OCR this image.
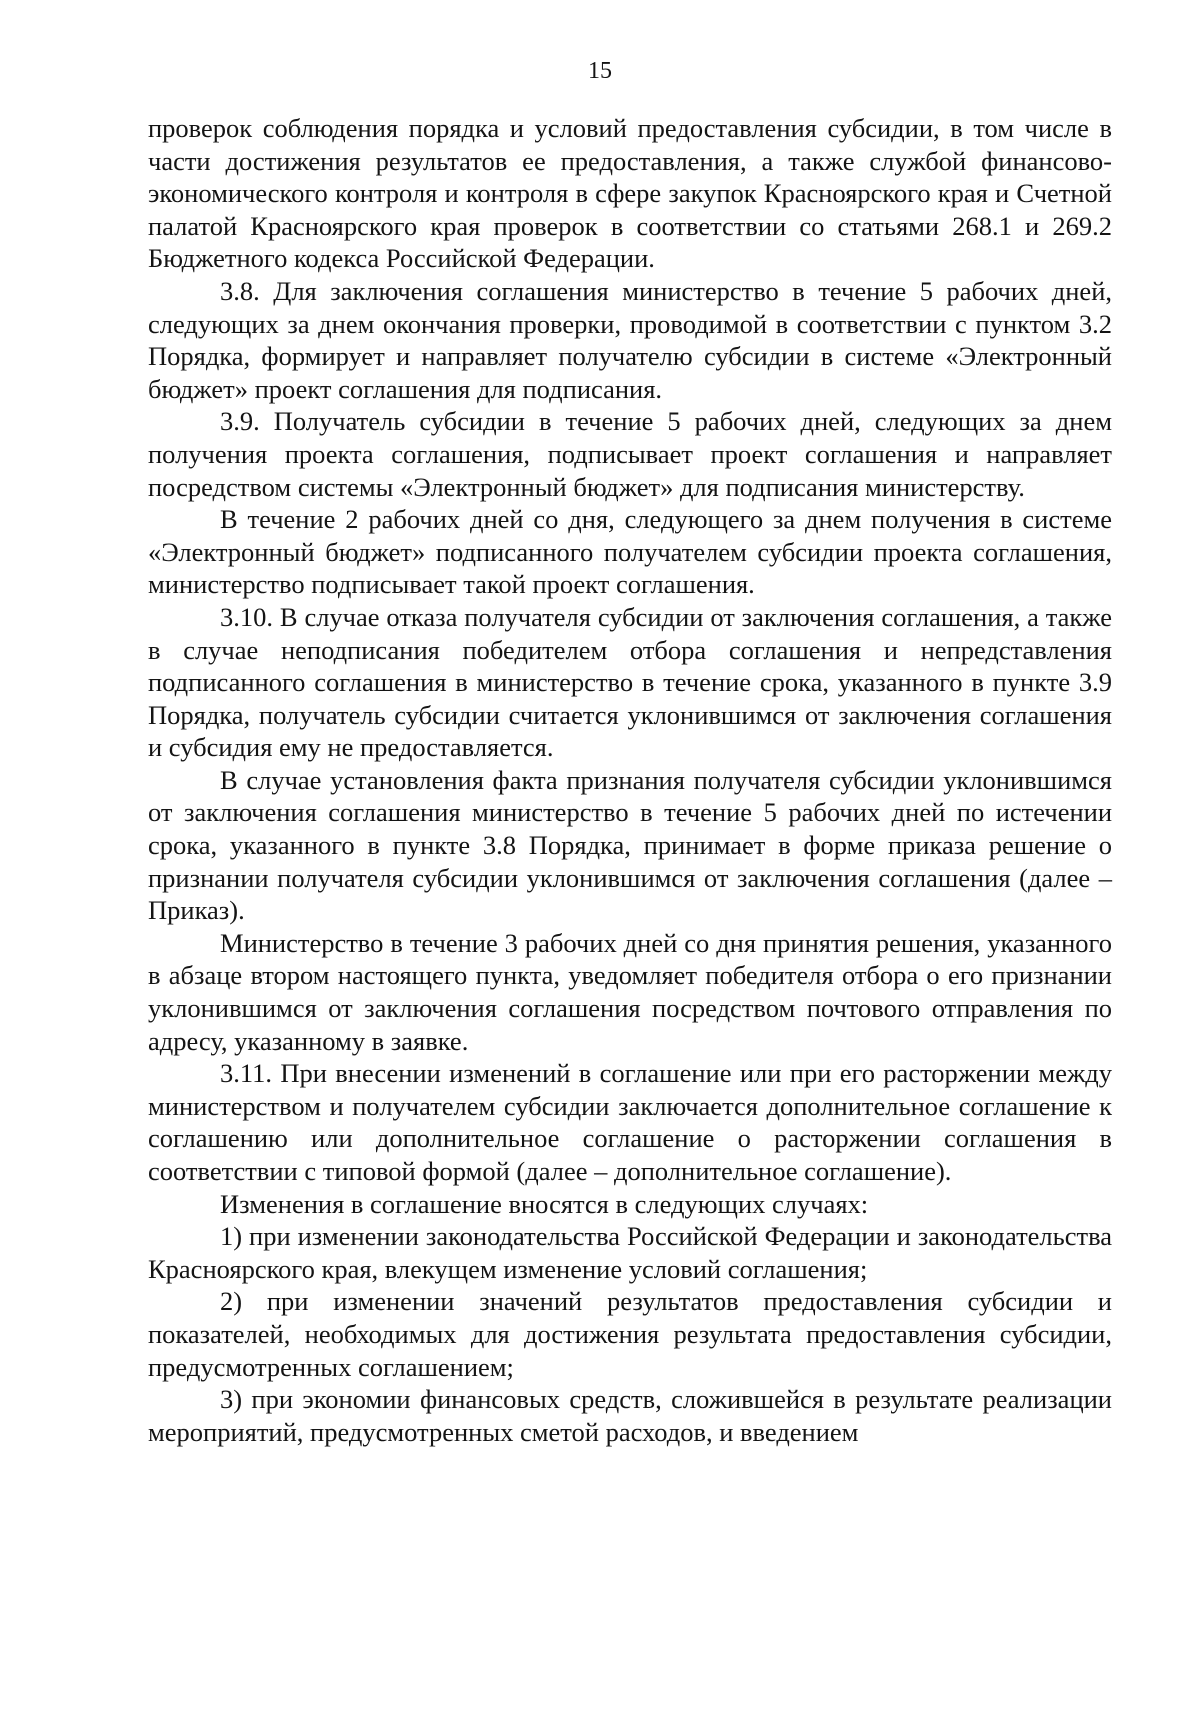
15

проверок соблюдения порядка и условий предоставления субсидии, в том числе в части достижения результатов ее предоставления, а также службой финансово-экономического контроля и контроля в сфере закупок Красноярского края и Счетной палатой Красноярского края проверок в соответствии со статьями 268.1 и 269.2 Бюджетного кодекса Российской Федерации.

3.8. Для заключения соглашения министерство в течение 5 рабочих дней, следующих за днем окончания проверки, проводимой в соответствии с пунктом 3.2 Порядка, формирует и направляет получателю субсидии в системе «Электронный бюджет» проект соглашения для подписания.

3.9. Получатель субсидии в течение 5 рабочих дней, следующих за днем получения проекта соглашения, подписывает проект соглашения и направляет посредством системы «Электронный бюджет» для подписания министерству.

В течение 2 рабочих дней со дня, следующего за днем получения в системе «Электронный бюджет» подписанного получателем субсидии проекта соглашения, министерство подписывает такой проект соглашения.

3.10. В случае отказа получателя субсидии от заключения соглашения, а также в случае неподписания победителем отбора соглашения и непредставления подписанного соглашения в министерство в течение срока, указанного в пункте 3.9 Порядка, получатель субсидии считается уклонившимся от заключения соглашения и субсидия ему не предоставляется.

В случае установления факта признания получателя субсидии уклонившимся от заключения соглашения министерство в течение 5 рабочих дней по истечении срока, указанного в пункте 3.8 Порядка, принимает в форме приказа решение о признании получателя субсидии уклонившимся от заключения соглашения (далее – Приказ).

Министерство в течение 3 рабочих дней со дня принятия решения, указанного в абзаце втором настоящего пункта, уведомляет победителя отбора о его признании уклонившимся от заключения соглашения посредством почтового отправления по адресу, указанному в заявке.

3.11. При внесении изменений в соглашение или при его расторжении между министерством и получателем субсидии заключается дополнительное соглашение к соглашению или дополнительное соглашение о расторжении соглашения в соответствии с типовой формой (далее – дополнительное соглашение).

Изменения в соглашение вносятся в следующих случаях:

1) при изменении законодательства Российской Федерации и законодательства Красноярского края, влекущем изменение условий соглашения;

2) при изменении значений результатов предоставления субсидии и показателей, необходимых для достижения результата предоставления субсидии, предусмотренных соглашением;

3) при экономии финансовых средств, сложившейся в результате реализации мероприятий, предусмотренных сметой расходов, и введением
